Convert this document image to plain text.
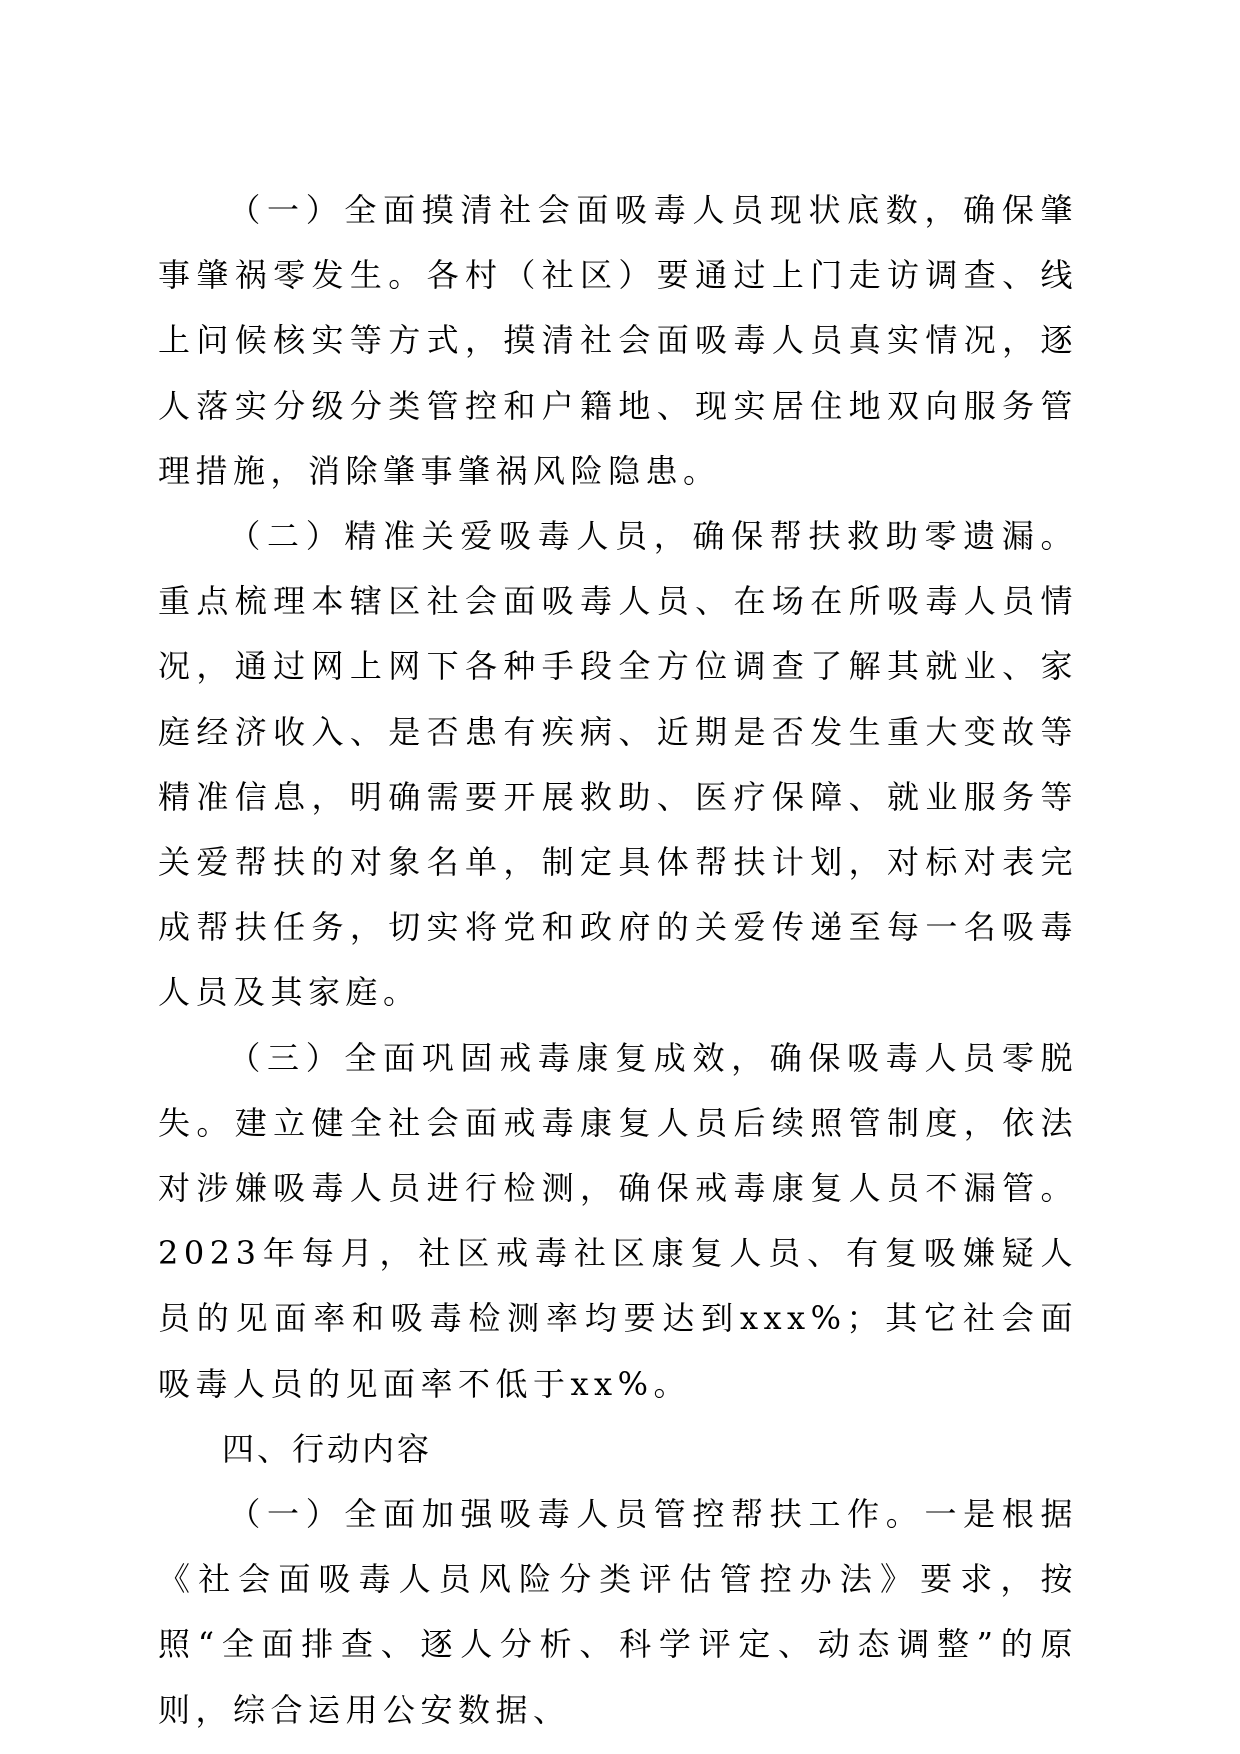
（一）全面摸清社会面吸毒人员现状底数，确保肇事肇祸零发生。各村（社区）要通过上门走访调查、线上问候核实等方式，摸清社会面吸毒人员真实情况，逐人落实分级分类管控和户籍地、现实居住地双向服务管理措施，消除肇事肇祸风险隐患。

（二）精准关爱吸毒人员，确保帮扶救助零遗漏。重点梳理本辖区社会面吸毒人员、在场在所吸毒人员情况，通过网上网下各种手段全方位调查了解其就业、家庭经济收入、是否患有疾病、近期是否发生重大变故等精准信息，明确需要开展救助、医疗保障、就业服务等关爱帮扶的对象名单，制定具体帮扶计划，对标对表完成帮扶任务，切实将党和政府的关爱传递至每一名吸毒人员及其家庭。

（三）全面巩固戒毒康复成效，确保吸毒人员零脱失。建立健全社会面戒毒康复人员后续照管制度，依法对涉嫌吸毒人员进行检测，确保戒毒康复人员不漏管。2023年每月，社区戒毒社区康复人员、有复吸嫌疑人员的见面率和吸毒检测率均要达到xxx%；其它社会面吸毒人员的见面率不低于xx%。

四、行动内容

（一）全面加强吸毒人员管控帮扶工作。一是根据《社会面吸毒人员风险分类评估管控办法》要求，按照“全面排查、逐人分析、科学评定、动态调整”的原则，综合运用公安数据、
